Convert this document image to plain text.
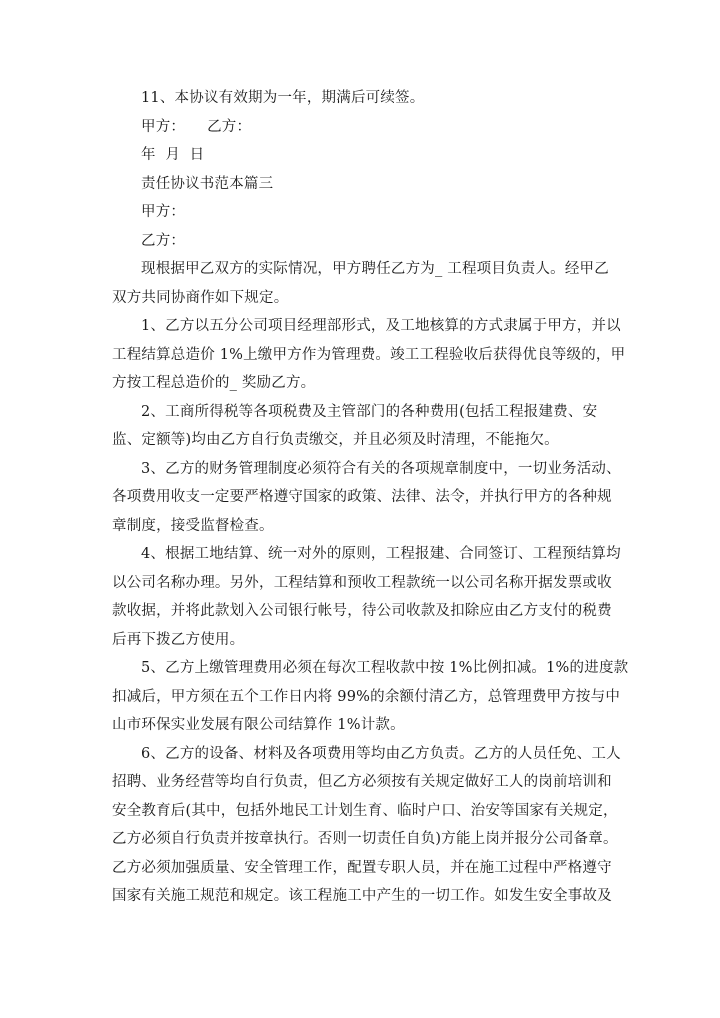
11、本协议有效期为一年，期满后可续签。
甲方： 乙方：
年  月  日
责任协议书范本篇三
甲方：
乙方：
现根据甲乙双方的实际情况，甲方聘任乙方为_ 工程项目负责人。经甲乙
双方共同协商作如下规定。
1、乙方以五分公司项目经理部形式，及工地核算的方式隶属于甲方，并以
工程结算总造价 1%上缴甲方作为管理费。竣工工程验收后获得优良等级的，甲
方按工程总造价的_ 奖励乙方。
2、工商所得税等各项税费及主管部门的各种费用(包括工程报建费、安
监、定额等)均由乙方自行负责缴交，并且必须及时清理，不能拖欠。
3、乙方的财务管理制度必须符合有关的各项规章制度中，一切业务活动、
各项费用收支一定要严格遵守国家的政策、法律、法令，并执行甲方的各种规
章制度，接受监督检查。
4、根据工地结算、统一对外的原则，工程报建、合同签订、工程预结算均
以公司名称办理。另外，工程结算和预收工程款统一以公司名称开据发票或收
款收据，并将此款划入公司银行帐号，待公司收款及扣除应由乙方支付的税费
后再下拨乙方使用。
5、乙方上缴管理费用必须在每次工程收款中按 1%比例扣减。1%的进度款
扣减后，甲方须在五个工作日内将 99%的余额付清乙方，总管理费甲方按与中
山市环保实业发展有限公司结算作 1%计款。
6、乙方的设备、材料及各项费用等均由乙方负责。乙方的人员任免、工人
招聘、业务经营等均自行负责，但乙方必须按有关规定做好工人的岗前培训和
安全教育后(其中，包括外地民工计划生育、临时户口、治安等国家有关规定，
乙方必须自行负责并按章执行。否则一切责任自负)方能上岗并报分公司备章。
乙方必须加强质量、安全管理工作，配置专职人员，并在施工过程中严格遵守
国家有关施工规范和规定。该工程施工中产生的一切工作。如发生安全事故及
